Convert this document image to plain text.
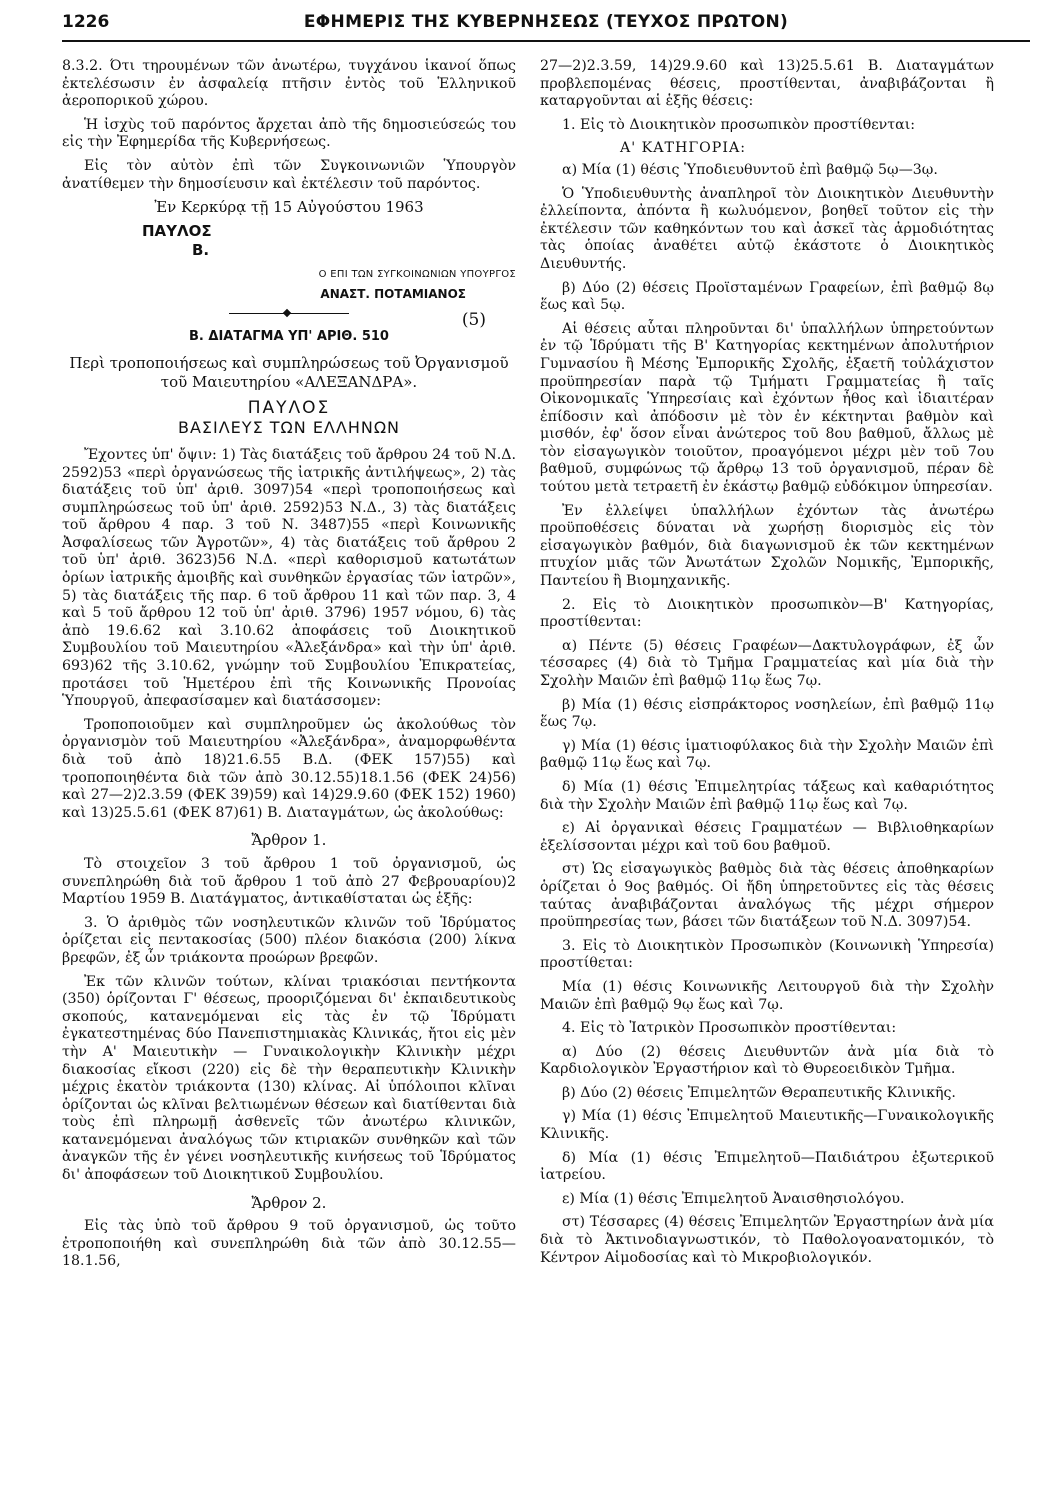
1226	ΕΦΗΜΕΡΙΣ ΤΗΣ ΚΥΒΕΡΝΗΣΕΩΣ (ΤΕΥΧΟΣ ΠΡΩΤΟΝ)

8.3.2. Ότι τηρουμένων τῶν ἀνωτέρω, τυγχάνου ἱκανοί ὅπως ἐκτελέσωσιν ἐν ἀσφαλείᾳ πτῆσιν ἐντὸς τοῦ Ἑλληνικοῦ ἀεροπορικοῦ χώρου.

Ἡ ἰσχὺς τοῦ παρόντος ἄρχεται ἀπὸ τῆς δημοσιεύσεώς του εἰς τὴν Ἐφημερίδα τῆς Κυβερνήσεως.

Εἰς τὸν αὐτὸν ἐπὶ τῶν Συγκοινωνιῶν Ὑπουργὸν ἀνατίθεμεν τὴν δημοσίευσιν καὶ ἐκτέλεσιν τοῦ παρόντος.

Ἐν Κερκύρᾳ τῇ 15 Αὐγούστου 1963

ΠΑΥΛΟΣ

Β.

Ο ΕΠΙ ΤΩΝ ΣΥΓΚΟΙΝΩΝΙΩΝ ΥΠΟΥΡΓΟΣ

ΑΝΑΣΤ. ΠΟΤΑΜΙΑΝΟΣ

Β. ΔΙΑΤΑΓΜΑ ΥΠ' ΑΡΙΘ. 510
(5)

Περὶ τροποποιήσεως καὶ συμπληρώσεως τοῦ Ὀργανισμοῦ τοῦ Μαιευτηρίου «ΑΛΕΞΑΝΔΡΑ».

ΠΑΥΛΟΣ

ΒΑΣΙΛΕΥΣ ΤΩΝ ΕΛΛΗΝΩΝ

Ἔχοντες ὑπ' ὄψιν: 1) Τὰς διατάξεις τοῦ ἄρθρου 24 τοῦ Ν.Δ. 2592)53 «περὶ ὀργανώσεως τῆς ἰατρικῆς ἀντιλήψεως», 2) τὰς διατάξεις τοῦ ὑπ' ἀριθ. 3097)54 «περὶ τροποποιήσεως καὶ συμπληρώσεως τοῦ ὑπ' ἀριθ. 2592)53 Ν.Δ., 3) τὰς διατάξεις τοῦ ἄρθρου 4 παρ. 3 τοῦ Ν. 3487)55 «περὶ Κοινωνικῆς Ἀσφαλίσεως τῶν Ἀγροτῶν», 4) τὰς διατάξεις τοῦ ἄρθρου 2 τοῦ ὑπ' ἀριθ. 3623)56 Ν.Δ. «περὶ καθορισμοῦ κατωτάτων ὁρίων ἰατρικῆς ἀμοιβῆς καὶ συνθηκῶν ἐργασίας τῶν ἰατρῶν», 5) τὰς διατάξεις τῆς παρ. 6 τοῦ ἄρθρου 11 καὶ τῶν παρ. 3, 4 καὶ 5 τοῦ ἄρθρου 12 τοῦ ὑπ' ἀριθ. 3796) 1957 νόμου, 6) τὰς ἀπὸ 19.6.62 καὶ 3.10.62 ἀποφάσεις τοῦ Διοικητικοῦ Συμβουλίου τοῦ Μαιευτηρίου «Ἀλεξάνδρα» καὶ τὴν ὑπ' ἀριθ. 693)62 τῆς 3.10.62, γνώμην τοῦ Συμβουλίου Ἐπικρατείας, προτάσει τοῦ Ἡμετέρου ἐπὶ τῆς Κοινωνικῆς Προνοίας Ὑπουργοῦ, ἀπεφασίσαμεν καὶ διατάσσομεν:

Τροποποιοῦμεν καὶ συμπληροῦμεν ὡς ἀκολούθως τὸν ὀργανισμὸν τοῦ Μαιευτηρίου «Ἀλεξάνδρα», ἀναμορφωθέντα διὰ τοῦ ἀπὸ 18)21.6.55 Β.Δ. (ΦΕΚ 157)55) καὶ τροποποιηθέντα διὰ τῶν ἀπὸ 30.12.55)18.1.56 (ΦΕΚ 24)56) καὶ 27—2)2.3.59 (ΦΕΚ 39)59) καὶ 14)29.9.60 (ΦΕΚ 152) 1960) καὶ 13)25.5.61 (ΦΕΚ 87)61) Β. Διαταγμάτων, ὡς ἀκολούθως:

Ἄρθρον 1.

Τὸ στοιχεῖον 3 τοῦ ἄρθρου 1 τοῦ ὀργανισμοῦ, ὡς συνεπληρώθη διὰ τοῦ ἄρθρου 1 τοῦ ἀπὸ 27 Φεβρουαρίου)2 Μαρτίου 1959 Β. Διατάγματος, ἀντικαθίσταται ὡς ἑξῆς:

3. Ὁ ἀριθμὸς τῶν νοσηλευτικῶν κλινῶν τοῦ Ἱδρύματος ὁρίζεται εἰς πεντακοσίας (500) πλέον διακόσια (200) λίκνα βρεφῶν, ἐξ ὧν τριάκοντα προώρων βρεφῶν.

Ἐκ τῶν κλινῶν τούτων, κλίναι τριακόσιαι πεντήκοντα (350) ὁρίζονται Γ' θέσεως, προοριζόμεναι δι' ἐκπαιδευτικοὺς σκοπούς, κατανεμόμεναι εἰς τὰς ἐν τῷ Ἱδρύματι ἐγκατεστημένας δύο Πανεπιστημιακὰς Κλινικάς, ἤτοι εἰς μὲν τὴν Α' Μαιευτικὴν — Γυναικολογικὴν Κλινικὴν μέχρι διακοσίας εἴκοσι (220) εἰς δὲ τὴν θεραπευτικὴν Κλινικὴν μέχρις ἑκατὸν τριάκοντα (130) κλίνας. Αἱ ὑπόλοιποι κλῖναι ὁρίζονται ὡς κλῖναι βελτιωμένων θέσεων καὶ διατίθενται διὰ τοὺς ἐπὶ πληρωμῇ ἀσθενεῖς τῶν ἀνωτέρω κλινικῶν, κατανεμόμεναι ἀναλόγως τῶν κτιριακῶν συνθηκῶν καὶ τῶν ἀναγκῶν τῆς ἐν γένει νοσηλευτικῆς κινήσεως τοῦ Ἱδρύματος δι' ἀποφάσεων τοῦ Διοικητικοῦ Συμβουλίου.

Ἄρθρον 2.

Εἰς τὰς ὑπὸ τοῦ ἄρθρου 9 τοῦ ὀργανισμοῦ, ὡς τοῦτο ἐτροποποιήθη καὶ συνεπληρώθη διὰ τῶν ἀπὸ 30.12.55—18.1.56,

27—2)2.3.59, 14)29.9.60 καὶ 13)25.5.61 Β. Διαταγμάτων προβλεπομένας θέσεις, προστίθενται, ἀναβιβάζονται ἢ καταργοῦνται αἱ ἑξῆς θέσεις:

1. Εἰς τὸ Διοικητικὸν προσωπικὸν προστίθενται:

Α' ΚΑΤΗΓΟΡΙΑ:

α) Μία (1) θέσις Ὑποδιευθυντοῦ ἐπὶ βαθμῷ 5ῳ—3ῳ.

Ὁ Ὑποδιευθυντὴς ἀναπληροῖ τὸν Διοικητικὸν Διευθυντὴν ἐλλείποντα, ἀπόντα ἢ κωλυόμενον, βοηθεῖ τοῦτον εἰς τὴν ἐκτέλεσιν τῶν καθηκόντων του καὶ ἀσκεῖ τὰς ἁρμοδιότητας τὰς ὁποίας ἀναθέτει αὐτῷ ἑκάστοτε ὁ Διοικητικὸς Διευθυντής.

β) Δύο (2) θέσεις Προϊσταμένων Γραφείων, ἐπὶ βαθμῷ 8ῳ ἕως καὶ 5ῳ.

Αἱ θέσεις αὗται πληροῦνται δι' ὑπαλλήλων ὑπηρετούντων ἐν τῷ Ἱδρύματι τῆς Β' Κατηγορίας κεκτημένων ἀπολυτήριον Γυμνασίου ἢ Μέσης Ἐμπορικῆς Σχολῆς, ἐξαετῆ τοὐλάχιστον προϋπηρεσίαν παρὰ τῷ Τμήματι Γραμματείας ἢ ταῖς Οἰκονομικαῖς Ὑπηρεσίαις καὶ ἐχόντων ἦθος καὶ ἰδιαιτέραν ἐπίδοσιν καὶ ἀπόδοσιν μὲ τὸν ἐν κέκτηνται βαθμὸν καὶ μισθόν, ἐφ' ὅσον εἶναι ἀνώτερος τοῦ 8ου βαθμοῦ, ἄλλως μὲ τὸν εἰσαγωγικὸν τοιοῦτον, προαγόμενοι μέχρι μὲν τοῦ 7ου βαθμοῦ, συμφώνως τῷ ἄρθρῳ 13 τοῦ ὀργανισμοῦ, πέραν δὲ τούτου μετὰ τετραετῆ ἐν ἑκάστῳ βαθμῷ εὐδόκιμον ὑπηρεσίαν.

Ἐν ἐλλείψει ὑπαλλήλων ἐχόντων τὰς ἀνωτέρω προϋποθέσεις δύναται νὰ χωρήσῃ διορισμὸς εἰς τὸν εἰσαγωγικὸν βαθμόν, διὰ διαγωνισμοῦ ἐκ τῶν κεκτημένων πτυχίον μιᾶς τῶν Ἀνωτάτων Σχολῶν Νομικῆς, Ἐμπορικῆς, Παντείου ἢ Βιομηχανικῆς.

2. Εἰς τὸ Διοικητικὸν προσωπικὸν—Β' Κατηγορίας, προστίθενται:

α) Πέντε (5) θέσεις Γραφέων—Δακτυλογράφων, ἐξ ὧν τέσσαρες (4) διὰ τὸ Τμῆμα Γραμματείας καὶ μία διὰ τὴν Σχολὴν Μαιῶν ἐπὶ βαθμῷ 11ῳ ἕως 7ῳ.

β) Μία (1) θέσις εἰσπράκτορος νοσηλείων, ἐπὶ βαθμῷ 11ῳ ἕως 7ῳ.

γ) Μία (1) θέσις ἱματιοφύλακος διὰ τὴν Σχολὴν Μαιῶν ἐπὶ βαθμῷ 11ῳ ἕως καὶ 7ῳ.

δ) Μία (1) θέσις Ἐπιμελητρίας τάξεως καὶ καθαριότητος διὰ τὴν Σχολὴν Μαιῶν ἐπὶ βαθμῷ 11ῳ ἕως καὶ 7ῳ.

ε) Αἱ ὀργανικαὶ θέσεις Γραμματέων — Βιβλιοθηκαρίων ἐξελίσσονται μέχρι καὶ τοῦ 6ου βαθμοῦ.

στ) Ὡς εἰσαγωγικὸς βαθμὸς διὰ τὰς θέσεις ἀποθηκαρίων ὁρίζεται ὁ 9ος βαθμός. Οἱ ἤδη ὑπηρετοῦντες εἰς τὰς θέσεις ταύτας ἀναβιβάζονται ἀναλόγως τῆς μέχρι σήμερον προϋπηρεσίας των, βάσει τῶν διατάξεων τοῦ Ν.Δ. 3097)54.

3. Εἰς τὸ Διοικητικὸν Προσωπικὸν (Κοινωνικὴ Ὑπηρεσία) προστίθεται:

Μία (1) θέσις Κοινωνικῆς Λειτουργοῦ διὰ τὴν Σχολὴν Μαιῶν ἐπὶ βαθμῷ 9ῳ ἕως καὶ 7ῳ.

4. Εἰς τὸ Ἰατρικὸν Προσωπικὸν προστίθενται:

α) Δύο (2) θέσεις Διευθυντῶν ἀνὰ μία διὰ τὸ Καρδιολογικὸν Ἐργαστήριον καὶ τὸ Θυρεοειδικὸν Τμῆμα.

β) Δύο (2) θέσεις Ἐπιμελητῶν Θεραπευτικῆς Κλινικῆς.

γ) Μία (1) θέσις Ἐπιμελητοῦ Μαιευτικῆς—Γυναικολογικῆς Κλινικῆς.

δ) Μία (1) θέσις Ἐπιμελητοῦ—Παιδιάτρου ἐξωτερικοῦ ἰατρείου.

ε) Μία (1) θέσις Ἐπιμελητοῦ Ἀναισθησιολόγου.

στ) Τέσσαρες (4) θέσεις Ἐπιμελητῶν Ἐργαστηρίων ἀνὰ μία διὰ τὸ Ἀκτινοδιαγνωστικόν, τὸ Παθολογοανατομικόν, τὸ Κέντρον Αἱμοδοσίας καὶ τὸ Μικροβιολογικόν.
